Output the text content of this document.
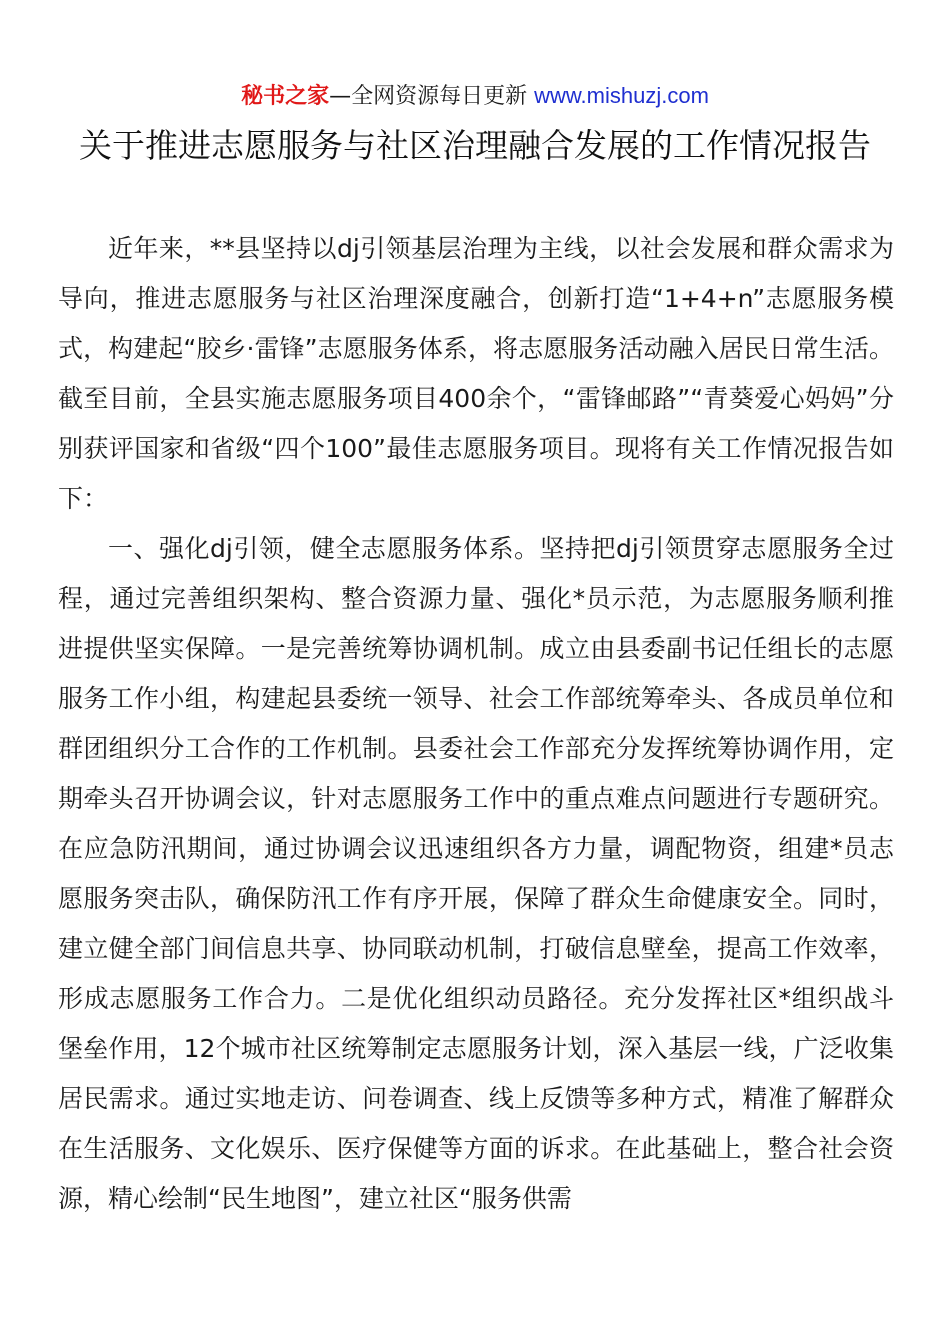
秘书之家—全网资源每日更新 www.mishuzj.com
关于推进志愿服务与社区治理融合发展的工作情况报告

近年来，**县坚持以dj引领基层治理为主线，以社会发展和群众需求为导向，推进志愿服务与社区治理深度融合，创新打造“1+4+n”志愿服务模式，构建起“胶乡·雷锋”志愿服务体系，将志愿服务活动融入居民日常生活。截至目前，全县实施志愿服务项目400余个，“雷锋邮路”“青葵爱心妈妈”分别获评国家和省级“四个100”最佳志愿服务项目。现将有关工作情况报告如下：

一、强化dj引领，健全志愿服务体系。坚持把dj引领贯穿志愿服务全过程，通过完善组织架构、整合资源力量、强化*员示范，为志愿服务顺利推进提供坚实保障。一是完善统筹协调机制。成立由县委副书记任组长的志愿服务工作小组，构建起县委统一领导、社会工作部统筹牵头、各成员单位和群团组织分工合作的工作机制。县委社会工作部充分发挥统筹协调作用，定期牵头召开协调会议，针对志愿服务工作中的重点难点问题进行专题研究。在应急防汛期间，通过协调会议迅速组织各方力量，调配物资，组建*员志愿服务突击队，确保防汛工作有序开展，保障了群众生命健康安全。同时，建立健全部门间信息共享、协同联动机制，打破信息壁垒，提高工作效率，形成志愿服务工作合力。二是优化组织动员路径。充分发挥社区*组织战斗堡垒作用，12个城市社区统筹制定志愿服务计划，深入基层一线，广泛收集居民需求。通过实地走访、问卷调查、线上反馈等多种方式，精准了解群众在生活服务、文化娱乐、医疗保健等方面的诉求。在此基础上，整合社会资源，精心绘制“民生地图”，建立社区“服务供需
